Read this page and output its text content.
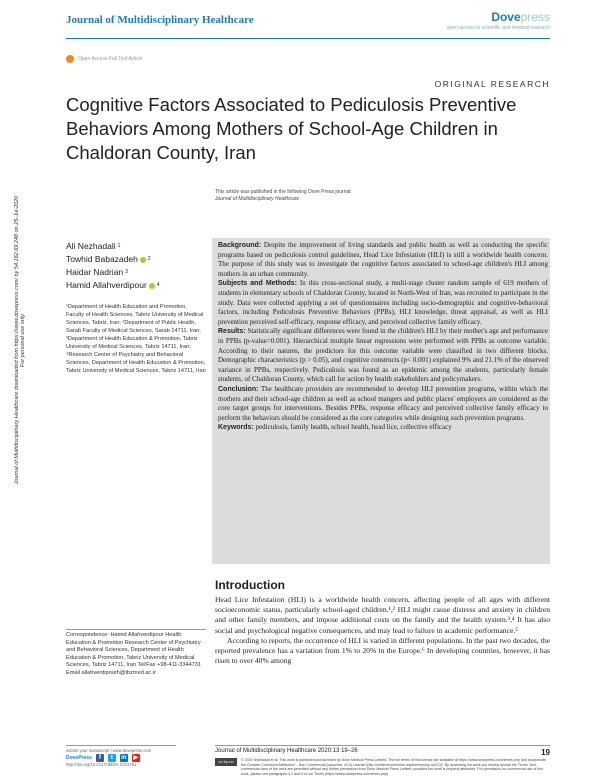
Journal of Multidisciplinary Healthcare	Dovepress
open access to scientific and medical research
Open Access Full Text Article
ORIGINAL RESEARCH
Cognitive Factors Associated to Pediculosis Preventive Behaviors Among Mothers of School-Age Children in Chaldoran County, Iran
This article was published in the following Dove Press journal:
Journal of Multidisciplinary Healthcare
Journal of Multidisciplinary Healthcare downloaded from https://www.dovepress.com/ by 54.162.69.248 on 25-Jul-2020
For personal use only.
Ali Nezhadali 1
Towhid Babazadeh 2
Haidar Nadrian 3
Hamid Allahverdipour 4
¹Department of Health Education and Promotion, Faculty of Health Sciences, Tabriz University of Medical Sciences, Tabriz, Iran; ²Department of Public Health, Sarab Faculty of Medical Sciences, Sarab 14711, Iran; ³Department of Health Education & Promotion, Tabriz University of Medical Sciences, Tabriz 14711, Iran; ⁴Research Center of Psychiatry and Behavioral Sciences, Department of Health Education & Promotion, Tabriz University of Medical Sciences, Tabriz 14711, Iran

Background: Despite the improvement of living standards and public health as well as conducting the specific programs based on pediculosis control guidelines, Head Lice Infestation (HLI) is still a worldwide health concern. The purpose of this study was to investigate the cognitive factors associated to school-age children's HLI among mothers in an urban community.

Subjects and Methods: In this cross-sectional study, a multi-stage cluster random sample of 619 mothers of students in elementary schools of Chaldoran County, located in North-West of Iran, was recruited to participate in the study. Data were collected applying a set of questionnaires including socio-demographic and cognitive-behavioral factors, including Pediculosis Preventive Behaviors (PPBs), HLI knowledge, threat appraisal, as well as HLI prevention perceived self-efficacy, response efficacy, and perceived collective family efficacy.

Results: Statistically significant differences were found in the children's HLI by their mother's age and performance in PPBs (p-value=0.001). Hierarchical multiple linear regressions were performed with PPBs as outcome variable. According to their natures, the predictors for this outcome variable were classified in two different blocks. Demographic characteristics (p > 0.05), and cognitive constructs (p< 0.001) explained 9% and 21.1% of the observed variance in PPBs, respectively. Pediculosis was found as an epidemic among the students, particularly female students, of Chaldoran County, which call for action by health stakeholders and policymakers.

Conclusion: The healthcare providers are recommended to develop HLI prevention programs, within which the mothers and their school-age children as well as school mangers and public places' employers are considered as the core target groups for interventions. Besides PPBs, response efficacy and perceived collective family efficacy to perform the behaviors should be considered as the core categories while designing such prevention programs.

Keywords: pediculosis, family health, school health, head lice, collective efficacy

Introduction

Head Lice Infestation (HLI) is a worldwide health concern, affecting people of all ages with different socioeconomic status, particularly school-aged children.¹,² HLI might cause distress and anxiety in children and other family members, and impose additional costs on the family and the health system.³,⁴ It has also social and psychological negative consequences, and may lead to failure in academic performance.⁵

According to reports, the occurrence of HLI is varied in different populations. In the past two decades, the reported prevalence has a variation from 1% to 20% in the Europe.⁶ In developing countries, however, it has risen to over 40% among

Correspondence: Hamid Allahverdipour Health Education & Promotion Research Center of Psychiatry and Behavioral Sciences, Department of Health Education & Promotion, Tabriz University of Medical Sciences, Tabriz 14711, Iran Tel/Fax +98-411-3344731 Email allahverdipourh@tbzmed.ac.ir
submit your manuscript | www.dovepress.com
DovePress	f	t	in ▶
http://doi.org/10.2147/JMDH.S231791
Journal of Multidisciplinary Healthcare 2020:13 19–26	19
cc by-nc	© 2020 Nezhadali et al. This work is published and licensed by Dove Medical Press Limited. The full terms of this license are available at https://www.dovepress.com/terms.php and incorporate the Creative Commons Attribution – Non Commercial (unported, v3.0) License (http://creativecommons.org/licenses/by-nc/3.0/). By accessing the work you hereby accept the Terms. Non-commercial uses of the work are permitted without any further permission from Dove Medical Press Limited, provided the work is properly attributed. For permission for commercial use of this work, please see paragraphs 4.2 and 5 of our Terms (https://www.dovepress.com/terms.php).
